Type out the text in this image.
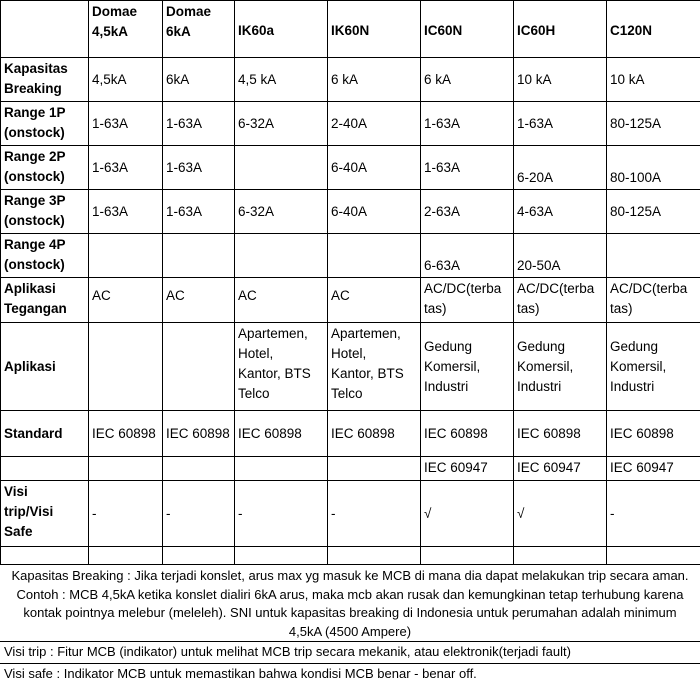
	Domae
4,5kA	Domae
6kA	IK60a	IK60N	IC60N	IC60H	C120N
Kapasitas
Breaking	4,5kA	6kA	4,5 kA	6 kA	6 kA	10 kA	10 kA
Range 1P
(onstock)	1-63A	1-63A	6-32A	2-40A	1-63A	1-63A	80-125A
Range 2P
(onstock)	1-63A	1-63A		6-40A	1-63A	6-20A	80-100A
Range 3P
(onstock)	1-63A	1-63A	6-32A	6-40A	2-63A	4-63A	80-125A
Range 4P
(onstock)					6-63A	20-50A	
Aplikasi
Tegangan	AC	AC	AC	AC	AC/DC(terba
tas)	AC/DC(terba
tas)	AC/DC(terba
tas)
Aplikasi			Apartemen,
Hotel,
Kantor, BTS
Telco	Apartemen,
Hotel,
Kantor, BTS
Telco	Gedung
Komersil,
Industri	Gedung
Komersil,
Industri	Gedung
Komersil,
Industri
Standard	IEC 60898	IEC 60898	IEC 60898	IEC 60898	IEC 60898	IEC 60898	IEC 60898
					IEC 60947	IEC 60947	IEC 60947
Visi
trip/Visi
Safe	-	-	-	-	√	√	-

Kapasitas Breaking : Jika terjadi konslet, arus max yg masuk ke MCB di mana dia dapat melakukan trip secara aman. Contoh : MCB 4,5kA ketika konslet dialiri 6kA arus, maka mcb akan rusak dan kemungkinan tetap terhubung karena kontak pointnya melebur (meleleh). SNI untuk kapasitas breaking di Indonesia untuk perumahan adalah minimum 4,5kA (4500 Ampere)
Visi trip : Fitur MCB (indikator) untuk melihat MCB trip secara mekanik, atau elektronik(terjadi fault)
Visi safe : Indikator MCB untuk memastikan bahwa kondisi MCB benar - benar off.
